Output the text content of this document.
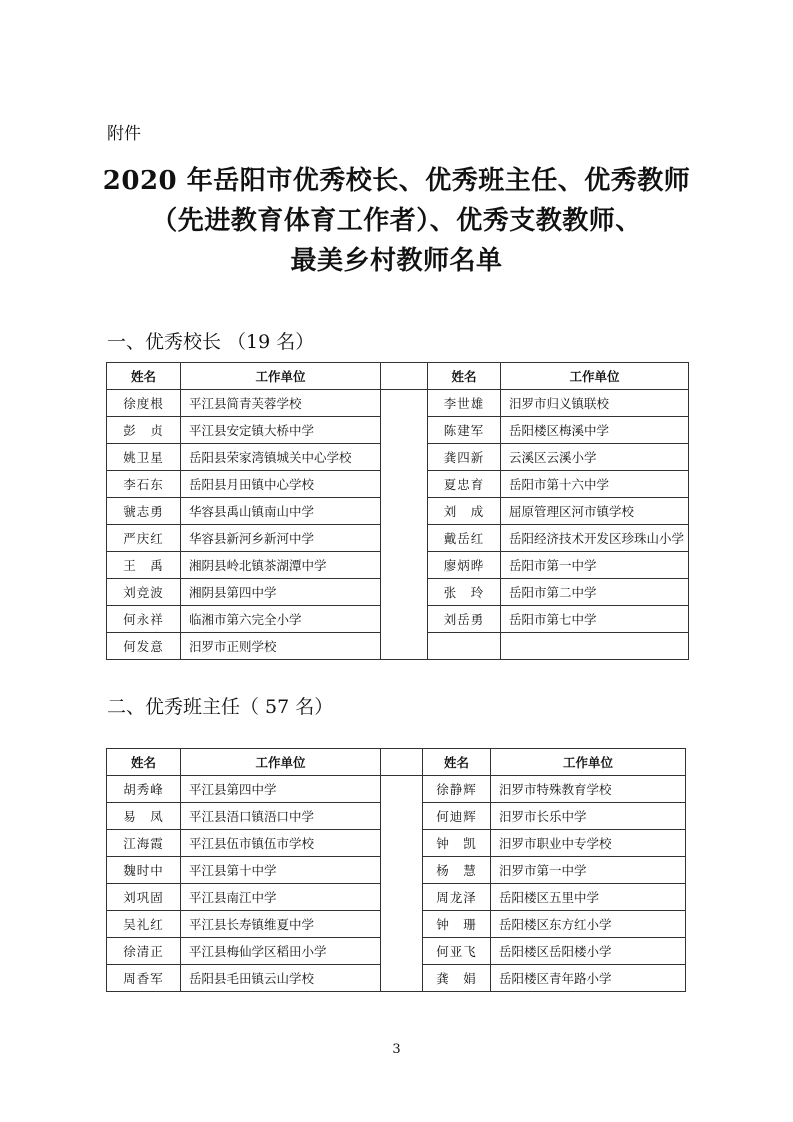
附件
2020 年岳阳市优秀校长、优秀班主任、优秀教师
（先进教育体育工作者）、优秀支教教师、
最美乡村教师名单
一、优秀校长 （19 名）
姓名	工作单位		姓名	工作单位
徐度根	平江县简青芙蓉学校		李世雄	汨罗市归义镇联校
彭　贞	平江县安定镇大桥中学		陈建军	岳阳楼区梅溪中学
姚卫星	岳阳县荣家湾镇城关中心学校		龚四新	云溪区云溪小学
李石东	岳阳县月田镇中心学校		夏忠育	岳阳市第十六中学
虢志勇	华容县禹山镇南山中学		刘　成	屈原管理区河市镇学校
严庆红	华容县新河乡新河中学		戴岳红	岳阳经济技术开发区珍珠山小学
王　禹	湘阴县岭北镇茶湖潭中学		廖炳晔	岳阳市第一中学
刘竞波	湘阴县第四中学		张　玲	岳阳市第二中学
何永祥	临湘市第六完全小学		刘岳勇	岳阳市第七中学
何发意	汨罗市正则学校			
二、优秀班主任（ 57 名）
姓名	工作单位		姓名	工作单位
胡秀峰	平江县第四中学		徐静辉	汨罗市特殊教育学校
易　凤	平江县浯口镇浯口中学		何迪辉	汨罗市长乐中学
江海霞	平江县伍市镇伍市学校		钟　凯	汨罗市职业中专学校
魏时中	平江县第十中学		杨　慧	汨罗市第一中学
刘巩固	平江县南江中学		周龙泽	岳阳楼区五里中学
吴礼红	平江县长寿镇维夏中学		钟　珊	岳阳楼区东方红小学
徐清正	平江县梅仙学区稻田小学		何亚飞	岳阳楼区岳阳楼小学
周香军	岳阳县毛田镇云山学校		龚　娟	岳阳楼区青年路小学
3
